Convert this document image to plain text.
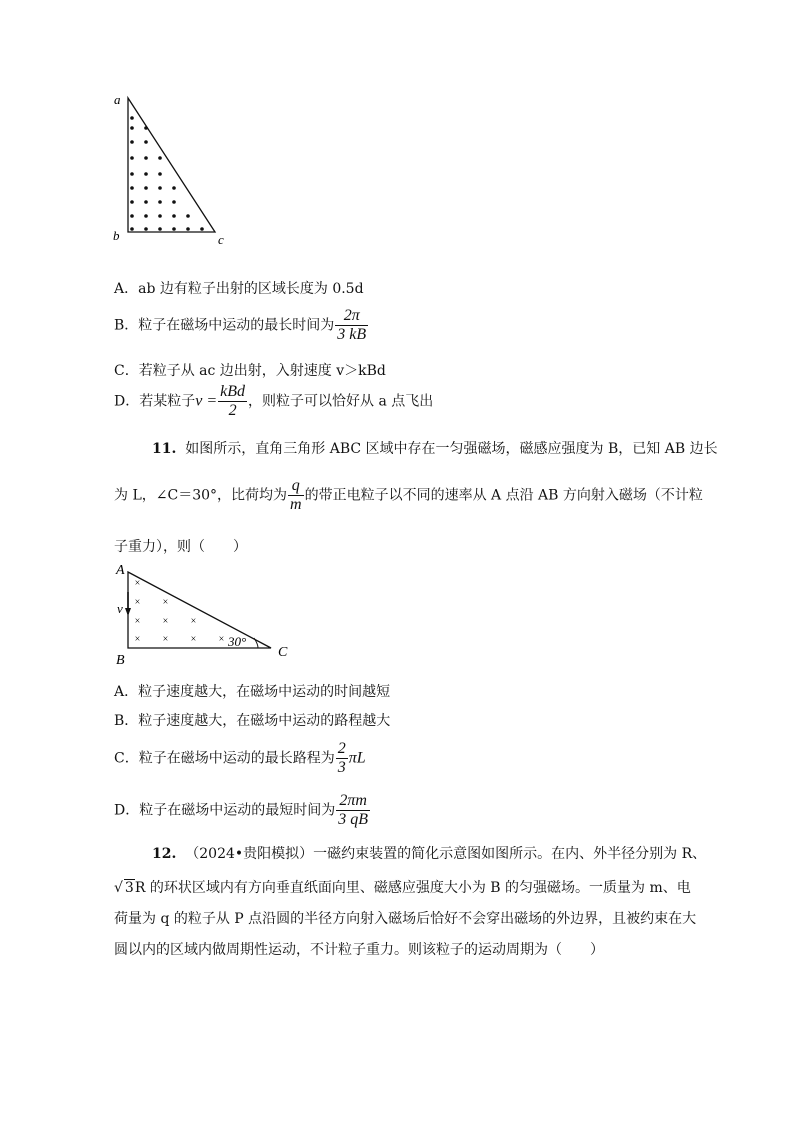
a
b	c
A．ab 边有粒子出射的区域长度为 0.5d
B．粒子在磁场中运动的最长时间为 $\frac{2\pi}{3 kB}$
C．若粒子从 ac 边出射，入射速度 v＞kBd
D．若某粒子$v = \frac{\text{kBd}}{2}$ ，则粒子可以恰好从 a 点飞出
11. 如图所示，直角三角形 ABC 区域中存在一匀强磁场，磁感应强度为 B，已知 AB 边长
为 L，∠C＝30°，比荷均为 $\frac{q}{m}$ 的带正电粒子以不同的速率从 A 点沿 AB 方向射入磁场（不计粒
子重力），则（　　）
A
B
C
v
30°
×
× ×
× × ×
× × × ×
A．粒子速度越大，在磁场中运动的时间越短
B．粒子速度越大，在磁场中运动的路程越大
C．粒子在磁场中运动的最长路程为 $\frac{2}{3}$ πL
D．粒子在磁场中运动的最短时间为 $\frac{2\pi m}{3 qB}$
12. （2024•贵阳模拟）一磁约束装置的简化示意图如图所示。在内、外半径分别为 R、
√ 3R 的环状区域内有方向垂直纸面向里、磁感应强度大小为 B 的匀强磁场。一质量为 m、电
荷量为 q 的粒子从 P 点沿圆的半径方向射入磁场后恰好不会穿出磁场的外边界，且被约束在大
圆以内的区域内做周期性运动，不计粒子重力。则该粒子的运动周期为（　　）
